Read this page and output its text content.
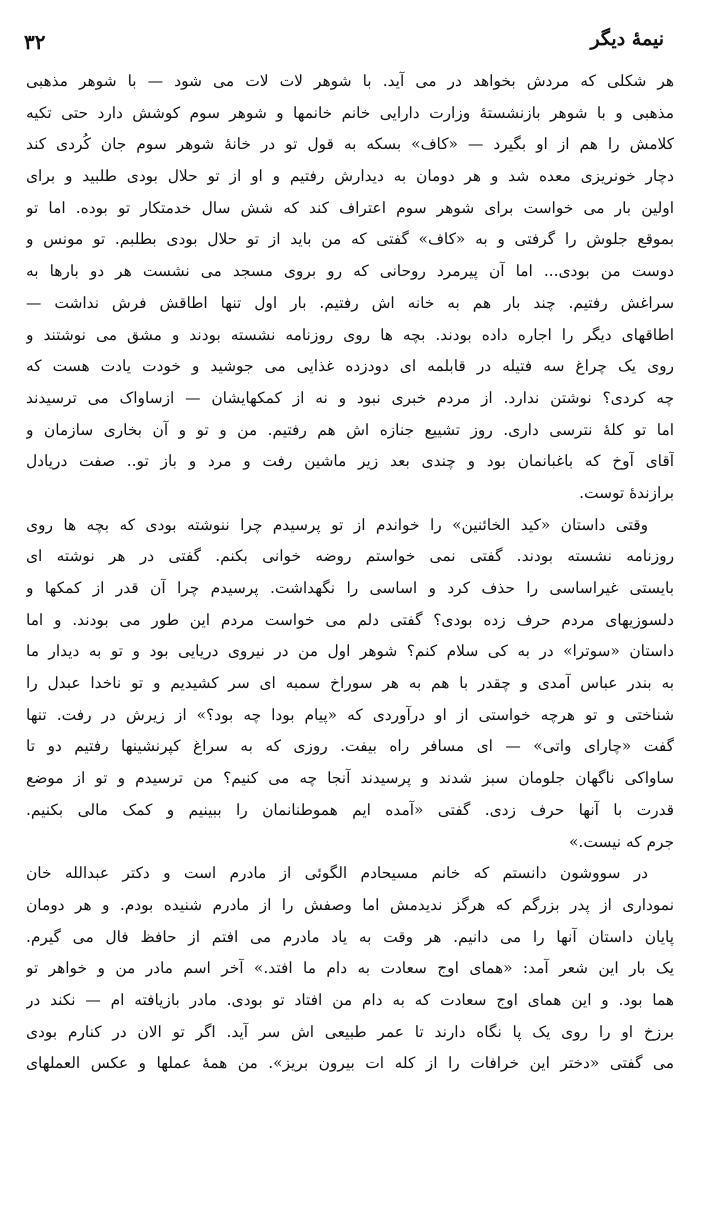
نیمهٔ دیگر
۳۲
هر شکلی که مردش بخواهد در می آید. با شوهر لات لات می شود — با شوهر مذهبی
مذهبی و با شوهر بازنشستهٔ وزارت دارایی خانم خانمها و شوهر سوم کوشش دارد حتی تکیه
کلامش را هم از او بگیرد — «کاف» بسکه به قول تو در خانهٔ شوهر سوم جان کُردی کند
دچار خونریزی معده شد و هر دومان به دیدارش رفتیم و او از تو حلال بودی طلبید و برای
اولین بار می خواست برای شوهر سوم اعتراف کند که شش سال خدمتکار تو بوده. اما تو
بموقع جلوش را گرفتی و به «کاف» گفتی که من باید از تو حلال بودی بطلبم. تو مونس و
دوست من بودی... اما آن پیرمرد روحانی که رو بروی مسجد می نشست هر دو بارها به
سراغش رفتیم. چند بار هم به خانه اش رفتیم. بار اول تنها اطاقش فرش نداشت —
اطاقهای دیگر را اجاره داده بودند. بچه ها روی روزنامه نشسته بودند و مشق می نوشتند و
روی یک چراغ سه فتیله در قابلمه ای دودزده غذایی می جوشید و خودت یادت هست که
چه کردی؟ نوشتن ندارد. از مردم خبری نبود و نه از کمکهایشان — ازساواک می ترسیدند
اما تو کلهٔ نترسی داری. روز تشییع جنازه اش هم رفتیم. من و تو و آن بخاری سازمان و
آقای آوخ که باغبانمان بود و چندی بعد زیر ماشین رفت و مرد و باز تو.. صفت دریادل
برازندهٔ توست.
وقتی داستان «کید الخائنین» را خواندم از تو پرسیدم چرا ننوشته بودی که بچه ها روی
روزنامه نشسته بودند. گفتی نمی خواستم روضه خوانی بکنم. گفتی در هر نوشته ای
بایستی غیراساسی را حذف کرد و اساسی را نگهداشت. پرسیدم چرا آن قدر از کمکها و
دلسوزیهای مردم حرف زده بودی؟ گفتی دلم می خواست مردم این طور می بودند. و اما
داستان «سوترا» در به کی سلام کنم؟ شوهر اول من در نیروی دریایی بود و تو به دیدار ما
به بندر عباس آمدی و چقدر با هم به هر سوراخ سمبه ای سر کشیدیم و تو ناخدا عبدل را
شناختی و تو هرچه خواستی از او درآوردی که «پیام بودا چه بود؟» از زیرش در رفت. تنها
گفت «چارای واتی» — ای مسافر راه بیفت. روزی که به سراغ کپرنشینها رفتیم دو تا
ساواکی ناگهان جلومان سبز شدند و پرسیدند آنجا چه می کنیم؟ من ترسیدم و تو از موضع
قدرت با آنها حرف زدی. گفتی «آمده ایم هموطنانمان را ببینیم و کمک مالی بکنیم.
جرم که نیست.»
در سووشون دانستم که خانم مسیحادم الگوئی از مادرم است و دکتر عبدالله خان
نموداری از پدر بزرگم که هرگز ندیدمش اما وصفش را از مادرم شنیده بودم. و هر دومان
پایان داستان آنها را می دانیم. هر وقت به یاد مادرم می افتم از حافظ فال می گیرم.
یک بار این شعر آمد: «همای اوج سعادت به دام ما افتد.» آخر اسم مادر من و خواهر تو
هما بود. و این همای اوج سعادت که به دام من افتاد تو بودی. مادر بازیافته ام — نکند در
برزخ او را روی یک پا نگاه دارند تا عمر طبیعی اش سر آید. اگر تو الان در کنارم بودی
می گفتی «دختر این خرافات را از کله ات بیرون بریز». من همهٔ عملها و عکس العملهای
